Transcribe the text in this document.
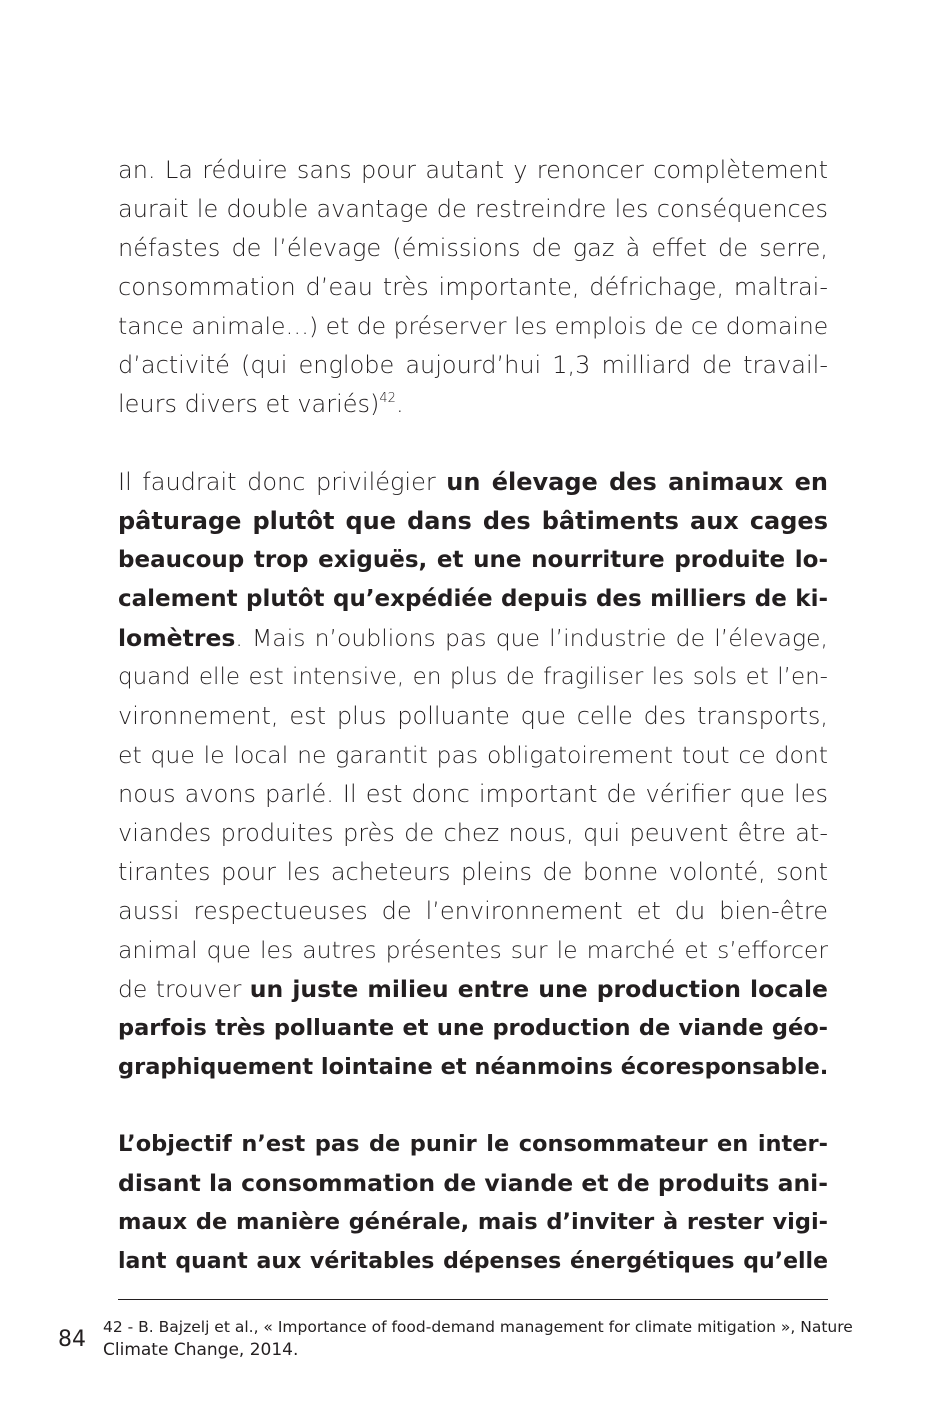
an. La réduire sans pour autant y renoncer complètement
aurait le double avantage de restreindre les conséquences
néfastes de l’élevage (émissions de gaz à effet de serre,
consommation d’eau très importante, défrichage, maltrai-
tance animale…) et de préserver les emplois de ce domaine
d’activité (qui englobe aujourd’hui 1,3 milliard de travail-
leurs divers et variés)$^{42}$.
Il faudrait donc privilégier un élevage des animaux en
pâturage plutôt que dans des bâtiments aux cages
beaucoup trop exiguës, et une nourriture produite lo-
calement plutôt qu’expédiée depuis des milliers de ki-
lomètres. Mais n’oublions pas que l’industrie de l’élevage,
quand elle est intensive, en plus de fragiliser les sols et l’en-
vironnement, est plus polluante que celle des transports,
et que le local ne garantit pas obligatoirement tout ce dont
nous avons parlé. Il est donc important de vérifier que les
viandes produites près de chez nous, qui peuvent être at-
tirantes pour les acheteurs pleins de bonne volonté, sont
aussi respectueuses de l’environnement et du bien-être
animal que les autres présentes sur le marché et s’efforcer
de trouver un juste milieu entre une production locale
parfois très polluante et une production de viande géo-
graphiquement lointaine et néanmoins écoresponsable.
L’objectif n’est pas de punir le consommateur en inter-
disant la consommation de viande et de produits ani-
maux de manière générale, mais d’inviter à rester vigi-
lant quant aux véritables dépenses énergétiques qu’elle
84 42 - B. Bajzelj et al., « Importance of food-demand management for climate mitigation », Nature
Climate Change, 2014.
